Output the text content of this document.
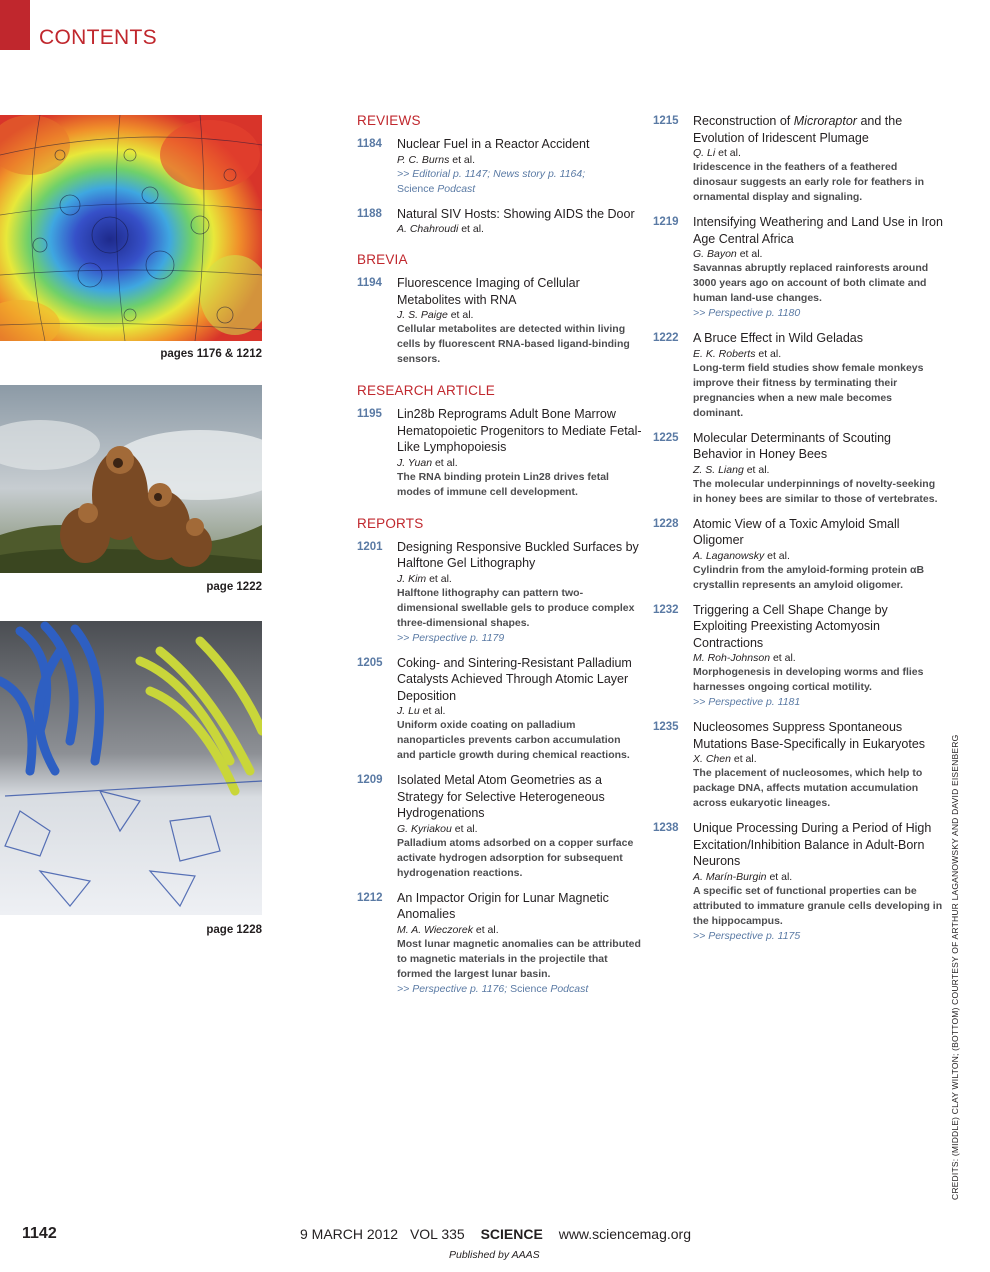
CONTENTS
pages 1176 & 1212
page 1222
page 1228
REVIEWS
1184	Nuclear Fuel in a Reactor Accident
P. C. Burns et al.
>> Editorial p. 1147; News story p. 1164;
Science Podcast
1188	Natural SIV Hosts: Showing AIDS the Door
A. Chahroudi et al.
BREVIA
1194	Fluorescence Imaging of Cellular Metabolites with RNA
J. S. Paige et al.
Cellular metabolites are detected within living cells by fluorescent RNA-based ligand-binding sensors.
RESEARCH ARTICLE
1195	Lin28b Reprograms Adult Bone Marrow Hematopoietic Progenitors to Mediate Fetal-Like Lymphopoiesis
J. Yuan et al.
The RNA binding protein Lin28 drives fetal modes of immune cell development.
REPORTS
1201	Designing Responsive Buckled Surfaces by Halftone Gel Lithography
J. Kim et al.
Halftone lithography can pattern two-dimensional swellable gels to produce complex three-dimensional shapes.
>> Perspective p. 1179
1205	Coking- and Sintering-Resistant Palladium Catalysts Achieved Through Atomic Layer Deposition
J. Lu et al.
Uniform oxide coating on palladium nanoparticles prevents carbon accumulation and particle growth during chemical reactions.
1209	Isolated Metal Atom Geometries as a Strategy for Selective Heterogeneous Hydrogenations
G. Kyriakou et al.
Palladium atoms adsorbed on a copper surface activate hydrogen adsorption for subsequent hydrogenation reactions.
1212	An Impactor Origin for Lunar Magnetic Anomalies
M. A. Wieczorek et al.
Most lunar magnetic anomalies can be attributed to magnetic materials in the projectile that formed the largest lunar basin.
>> Perspective p. 1176; Science Podcast
1215	Reconstruction of Microraptor and the Evolution of Iridescent Plumage
Q. Li et al.
Iridescence in the feathers of a feathered dinosaur suggests an early role for feathers in ornamental display and signaling.
1219	Intensifying Weathering and Land Use in Iron Age Central Africa
G. Bayon et al.
Savannas abruptly replaced rainforests around 3000 years ago on account of both climate and human land-use changes.
>> Perspective p. 1180
1222	A Bruce Effect in Wild Geladas
E. K. Roberts et al.
Long-term field studies show female monkeys improve their fitness by terminating their pregnancies when a new male becomes dominant.
1225	Molecular Determinants of Scouting Behavior in Honey Bees
Z. S. Liang et al.
The molecular underpinnings of novelty-seeking in honey bees are similar to those of vertebrates.
1228	Atomic View of a Toxic Amyloid Small Oligomer
A. Laganowsky et al.
Cylindrin from the amyloid-forming protein αB crystallin represents an amyloid oligomer.
1232	Triggering a Cell Shape Change by Exploiting Preexisting Actomyosin Contractions
M. Roh-Johnson et al.
Morphogenesis in developing worms and flies harnesses ongoing cortical motility.
>> Perspective p. 1181
1235	Nucleosomes Suppress Spontaneous Mutations Base-Specifically in Eukaryotes
X. Chen et al.
The placement of nucleosomes, which help to package DNA, affects mutation accumulation across eukaryotic lineages.
1238	Unique Processing During a Period of High Excitation/Inhibition Balance in Adult-Born Neurons
A. Marín-Burgin et al.
A specific set of functional properties can be attributed to immature granule cells developing in the hippocampus.
>> Perspective p. 1175	CREDITS: (MIDDLE) CLAY WILTON; (BOTTOM) COURTESY OF ARTHUR LAGANOWSKY AND DAVID EISENBERG
1142	9 MARCH 2012 VOL 335 SCIENCE www.sciencemag.org
Published by AAAS
